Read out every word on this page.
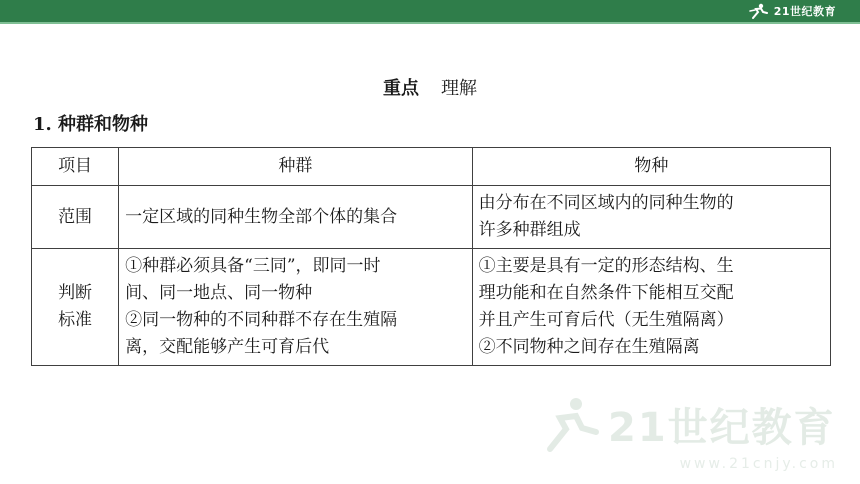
21世纪教育
21世纪教育
www.21cnjy.com
重点 理解
1. 种群和物种
项目	种群	物种

范围	一定区域的同种生物全部个体的集合	由分布在不同区域内的同种生物的
许多种群组成

判断
标准	①种群必须具备“三同”，即同一时
间、同一地点、同一物种
②同一物种的不同种群不存在生殖隔
离，交配能够产生可育后代	①主要是具有一定的形态结构、生
理功能和在自然条件下能相互交配
并且产生可育后代（无生殖隔离）
②不同物种之间存在生殖隔离
